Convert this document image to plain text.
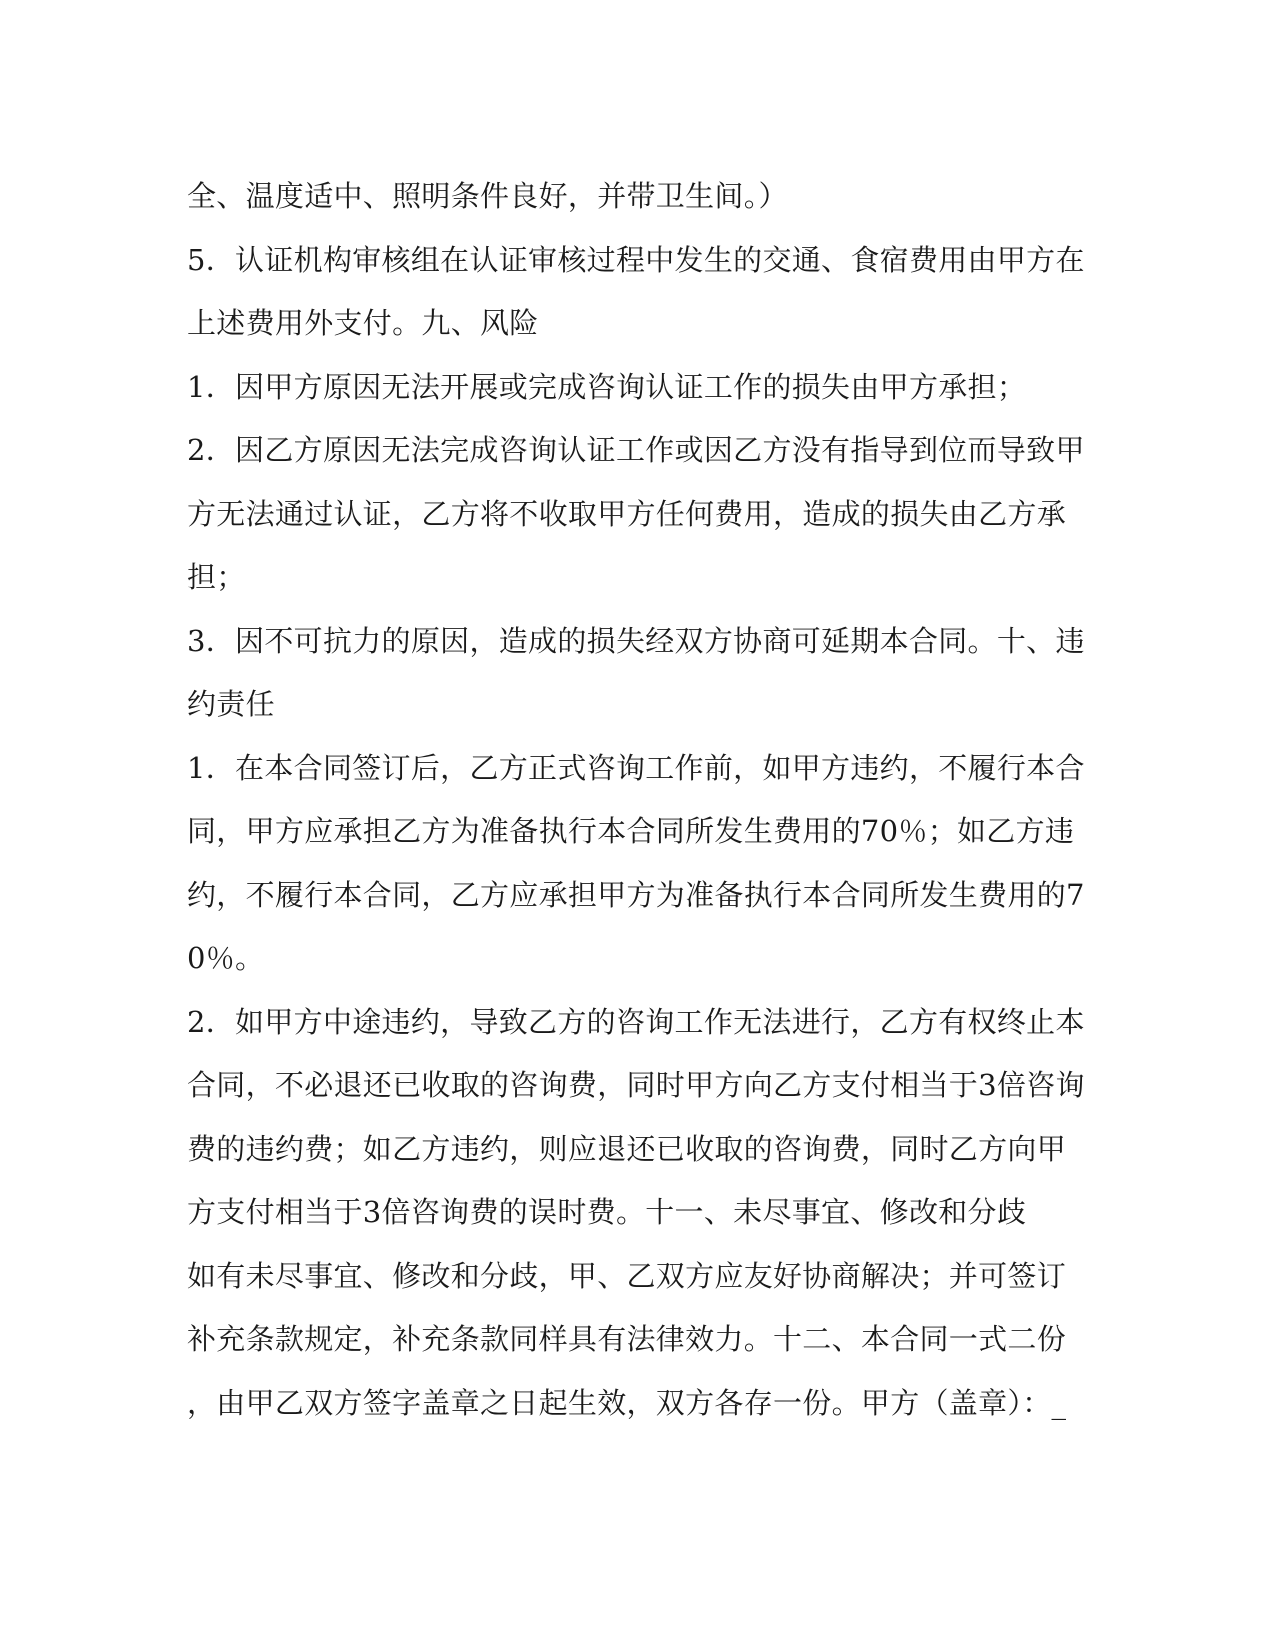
全、温度适中、照明条件良好，并带卫生间。）
5．认证机构审核组在认证审核过程中发生的交通、食宿费用由甲方在
上述费用外支付。九、风险
1．因甲方原因无法开展或完成咨询认证工作的损失由甲方承担；
2．因乙方原因无法完成咨询认证工作或因乙方没有指导到位而导致甲
方无法通过认证，乙方将不收取甲方任何费用，造成的损失由乙方承
担；
3．因不可抗力的原因，造成的损失经双方协商可延期本合同。十、违
约责任
1．在本合同签订后，乙方正式咨询工作前，如甲方违约，不履行本合
同，甲方应承担乙方为准备执行本合同所发生费用的70％；如乙方违
约，不履行本合同，乙方应承担甲方为准备执行本合同所发生费用的7
0％。
2．如甲方中途违约，导致乙方的咨询工作无法进行，乙方有权终止本
合同，不必退还已收取的咨询费，同时甲方向乙方支付相当于3倍咨询
费的违约费；如乙方违约，则应退还已收取的咨询费，同时乙方向甲
方支付相当于3倍咨询费的误时费。十一、未尽事宜、修改和分歧
如有未尽事宜、修改和分歧，甲、乙双方应友好协商解决；并可签订
补充条款规定，补充条款同样具有法律效力。十二、本合同一式二份
，由甲乙双方签字盖章之日起生效，双方各存一份。甲方（盖章）：_
